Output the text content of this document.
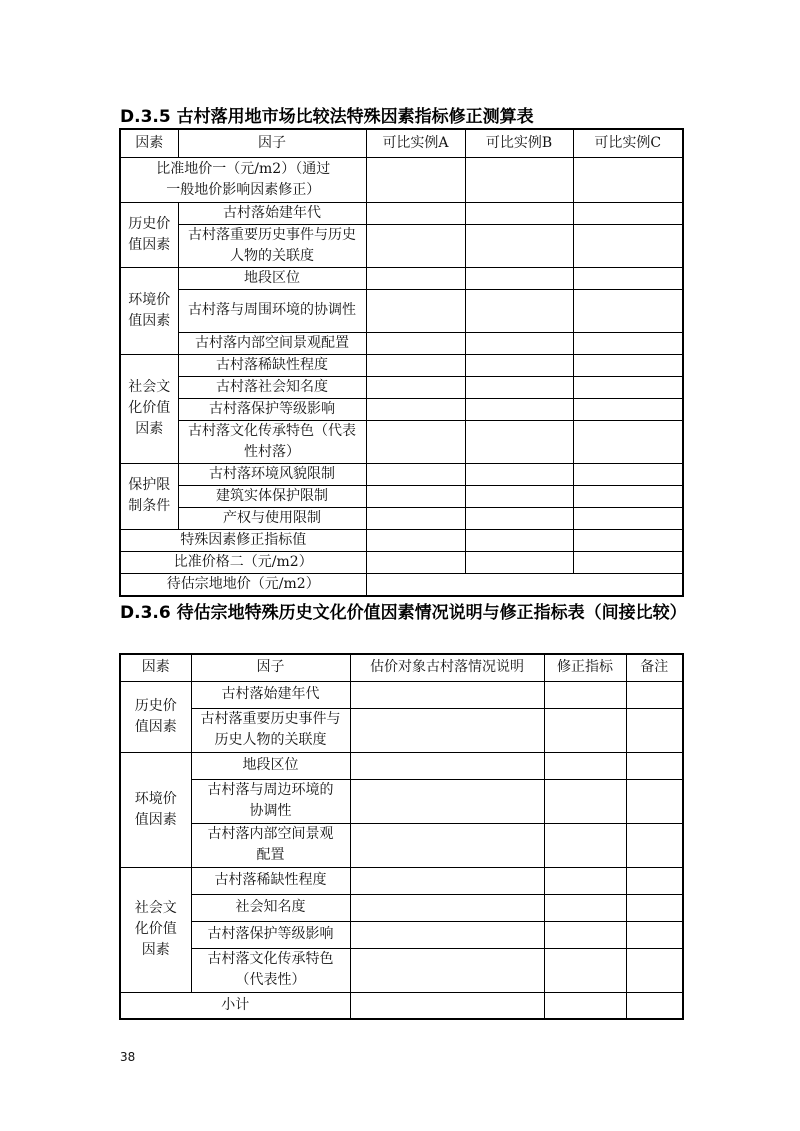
D.3.5 古村落用地市场比较法特殊因素指标修正测算表
因素	因子	可比实例A	可比实例B	可比实例C
比准地价一（元/m2）（通过一般地价影响因素修正）				
历史价值因素	古村落始建年代			
	古村落重要历史事件与历史人物的关联度			
环境价值因素	地段区位			
	古村落与周围环境的协调性			
	古村落内部空间景观配置			
社会文化价值因素	古村落稀缺性程度			
	古村落社会知名度			
	古村落保护等级影响			
	古村落文化传承特色（代表性村落）			
保护限制条件	古村落环境风貌限制			
	建筑实体保护限制			
	产权与使用限制			
特殊因素修正指标值				
比准价格二（元/m2）				
待估宗地地价（元/m2）				
D.3.6 待估宗地特殊历史文化价值因素情况说明与修正指标表（间接比较）
因素	因子	估价对象古村落情况说明	修正指标	备注
历史价值因素	古村落始建年代			
	古村落重要历史事件与历史人物的关联度			
环境价值因素	地段区位			
	古村落与周边环境的协调性			
	古村落内部空间景观配置			
社会文化价值因素	古村落稀缺性程度			
	社会知名度			
	古村落保护等级影响			
	古村落文化传承特色（代表性）			
小计				
38
